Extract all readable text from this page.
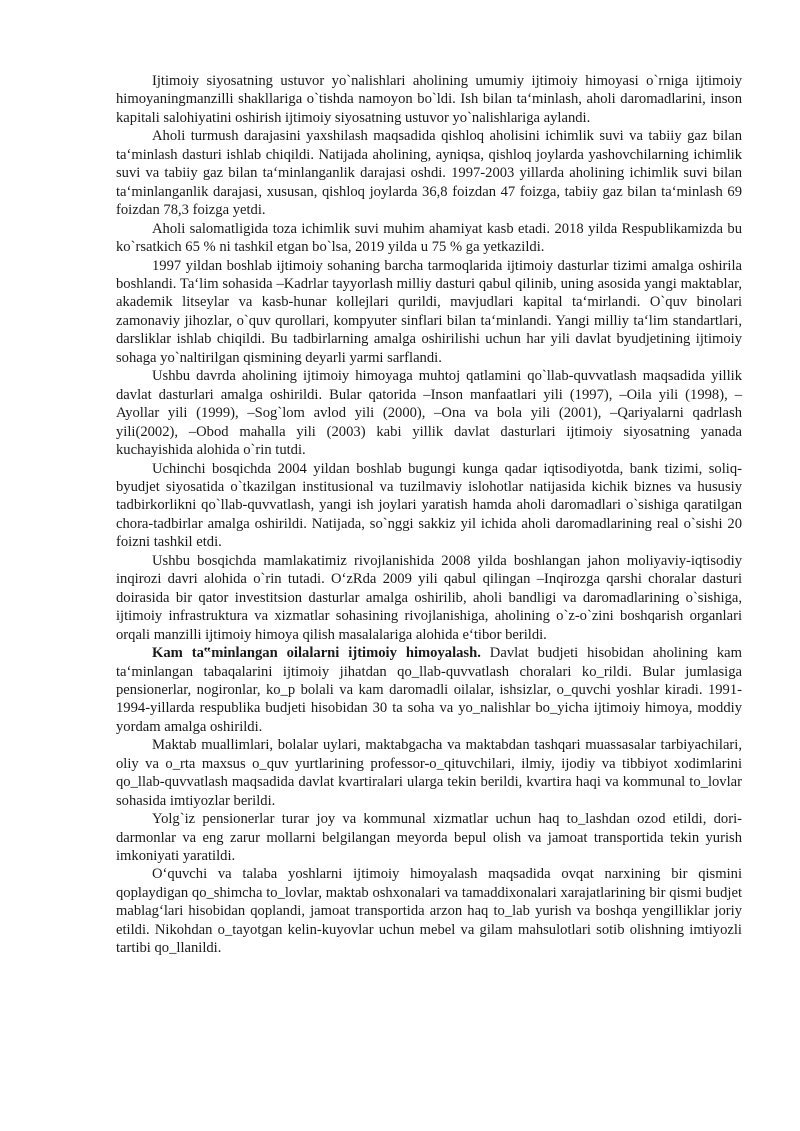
Ijtimoiy siyosatning ustuvor yo`nalishlari aholining umumiy ijtimoiy himoyasi o`rniga ijtimoiy himoyaningmanzilli shakllariga o`tishda namoyon bo`ldi. Ish bilan ta‘minlash, aholi daromadlarini, inson kapitali salohiyatini oshirish ijtimoiy siyosatning ustuvor yo`nalishlariga aylandi.

Aholi turmush darajasini yaxshilash maqsadida qishloq aholisini ichimlik suvi va tabiiy gaz bilan ta‘minlash dasturi ishlab chiqildi. Natijada aholining, ayniqsa, qishloq joylarda yashovchilarning ichimlik suvi va tabiiy gaz bilan ta‘minlanganlik darajasi oshdi. 1997-2003 yillarda aholining ichimlik suvi bilan ta‘minlanganlik darajasi, xususan, qishloq joylarda 36,8 foizdan 47 foizga, tabiiy gaz bilan ta‘minlash 69 foizdan 78,3 foizga yetdi.

Aholi salomatligida toza ichimlik suvi muhim ahamiyat kasb etadi. 2018 yilda Respublikamizda bu ko`rsatkich 65 % ni tashkil etgan bo`lsa, 2019 yilda u 75 % ga yetkazildi.

1997 yildan boshlab ijtimoiy sohaning barcha tarmoqlarida ijtimoiy dasturlar tizimi amalga oshirila boshlandi. Ta‘lim sohasida –Kadrlar tayyorlash milliy dasturi qabul qilinib, uning asosida yangi maktablar, akademik litseylar va kasb-hunar kollejlari qurildi, mavjudlari kapital ta‘mirlandi. O`quv binolari zamonaviy jihozlar, o`quv qurollari, kompyuter sinflari bilan ta‘minlandi. Yangi milliy ta‘lim standartlari, darsliklar ishlab chiqildi. Bu tadbirlarning amalga oshirilishi uchun har yili davlat byudjetining ijtimoiy sohaga yo`naltirilgan qismining deyarli yarmi sarflandi.

Ushbu davrda aholining ijtimoiy himoyaga muhtoj qatlamini qo`llab-quvvatlash maqsadida yillik davlat dasturlari amalga oshirildi. Bular qatorida –Inson manfaatlari yili (1997), –Oila yili (1998), –Ayollar yili (1999), –Sog`lom avlod yili (2000), –Ona va bola yili (2001), –Qariyalarni qadrlash yili(2002), –Obod mahalla yili (2003) kabi yillik davlat dasturlari ijtimoiy siyosatning yanada kuchayishida alohida o`rin tutdi.

Uchinchi bosqichda 2004 yildan boshlab bugungi kunga qadar iqtisodiyotda, bank tizimi, soliq-byudjet siyosatida o`tkazilgan institusional va tuzilmaviy islohotlar natijasida kichik biznes va hususiy tadbirkorlikni qo`llab-quvvatlash, yangi ish joylari yaratish hamda aholi daromadlari o`sishiga qaratilgan chora-tadbirlar amalga oshirildi. Natijada, so`nggi sakkiz yil ichida aholi daromadlarining real o`sishi 20 foizni tashkil etdi.

Ushbu bosqichda mamlakatimiz rivojlanishida 2008 yilda boshlangan jahon moliyaviy-iqtisodiy inqirozi davri alohida o`rin tutadi. O‘zRda 2009 yili qabul qilingan –Inqirozga qarshi choralar dasturi doirasida bir qator investitsion dasturlar amalga oshirilib, aholi bandligi va daromadlarining o`sishiga, ijtimoiy infrastruktura va xizmatlar sohasining rivojlanishiga, aholining o`z-o`zini boshqarish organlari orqali manzilli ijtimoiy himoya qilish masalalariga alohida e‘tibor berildi.

Kam ta‟minlangan oilalarni ijtimoiy himoyalash. Davlat budjeti hisobidan aholining kam ta‘minlangan tabaqalarini ijtimoiy jihatdan qo_llab-quvvatlash choralari ko_rildi. Bular jumlasiga pensionerlar, nogironlar, ko_p bolali va kam daromadli oilalar, ishsizlar, o_quvchi yoshlar kiradi. 1991-1994-yillarda respublika budjeti hisobidan 30 ta soha va yo_nalishlar bo_yicha ijtimoiy himoya, moddiy yordam amalga oshirildi.

Maktab muallimlari, bolalar uylari, maktabgacha va maktabdan tashqari muassasalar tarbiyachilari, oliy va o_rta maxsus o_quv yurtlarining professor-o_qituvchilari, ilmiy, ijodiy va tibbiyot xodimlarini qo_llab-quvvatlash maqsadida davlat kvartiralari ularga tekin berildi, kvartira haqi va kommunal to_lovlar sohasida imtiyozlar berildi.

Yolg`iz pensionerlar turar joy va kommunal xizmatlar uchun haq to_lashdan ozod etildi, dori-darmonlar va eng zarur mollarni belgilangan meyorda bepul olish va jamoat transportida tekin yurish imkoniyati yaratildi.

O‘quvchi va talaba yoshlarni ijtimoiy himoyalash maqsadida ovqat narxining bir qismini qoplaydigan qo_shimcha to_lovlar, maktab oshxonalari va tamaddixonalari xarajatlarining bir qismi budjet mablag‘lari hisobidan qoplandi, jamoat transportida arzon haq to_lab yurish va boshqa yengilliklar joriy etildi. Nikohdan o_tayotgan kelin-kuyovlar uchun mebel va gilam mahsulotlari sotib olishning imtiyozli tartibi qo_llanildi.
